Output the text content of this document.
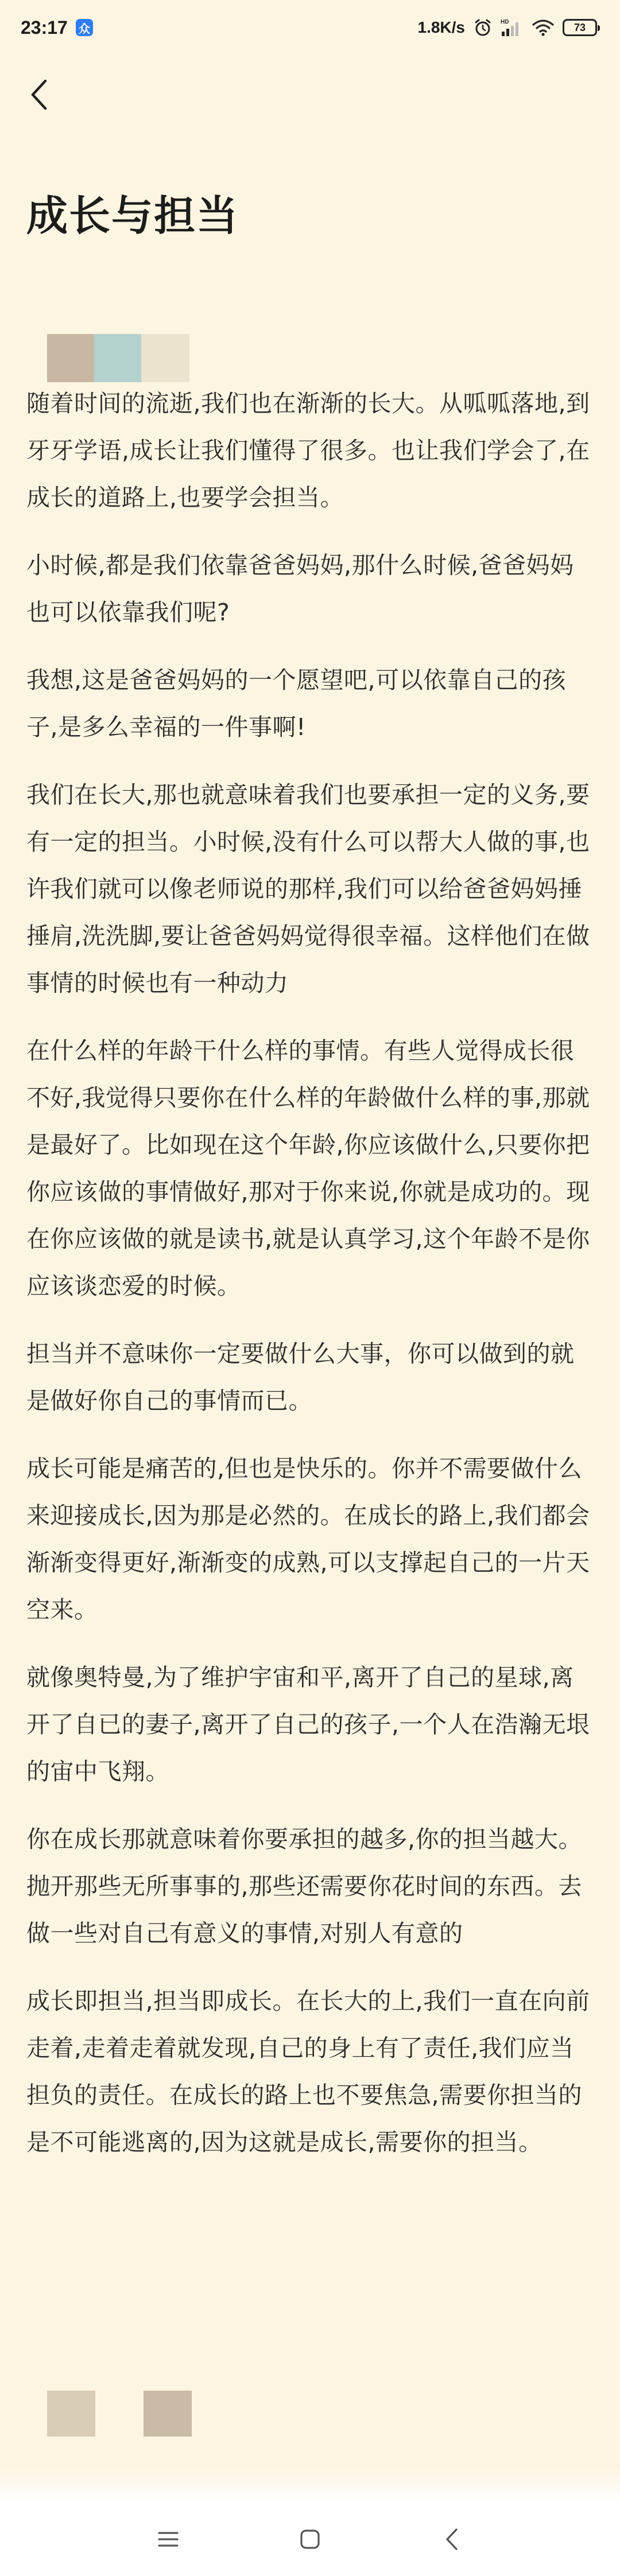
23:17 众	1.8K/s	HD	73
成长与担当

随着时间的流逝,我们也在渐渐的长大。从呱呱落地,到牙牙学语,成长让我们懂得了很多。也让我们学会了,在成长的道路上,也要学会担当。

小时候,都是我们依靠爸爸妈妈,那什么时候,爸爸妈妈也可以依靠我们呢?

我想,这是爸爸妈妈的一个愿望吧,可以依靠自己的孩子,是多么幸福的一件事啊!

我们在长大,那也就意味着我们也要承担一定的义务,要有一定的担当。小时候,没有什么可以帮大人做的事,也许我们就可以像老师说的那样,我们可以给爸爸妈妈捶捶肩,洗洗脚,要让爸爸妈妈觉得很幸福。这样他们在做事情的时候也有一种动力

在什么样的年龄干什么样的事情。有些人觉得成长很不好,我觉得只要你在什么样的年龄做什么样的事,那就是最好了。比如现在这个年龄,你应该做什么,只要你把你应该做的事情做好,那对于你来说,你就是成功的。现在你应该做的就是读书,就是认真学习,这个年龄不是你应该谈恋爱的时候。

担当并不意味你一定要做什么大事，你可以做到的就是做好你自己的事情而已。

成长可能是痛苦的,但也是快乐的。你并不需要做什么来迎接成长,因为那是必然的。在成长的路上,我们都会渐渐变得更好,渐渐变的成熟,可以支撑起自己的一片天空来。

就像奥特曼,为了维护宇宙和平,离开了自己的星球,离开了自已的妻子,离开了自己的孩子,一个人在浩瀚无垠的宙中飞翔。

你在成长那就意味着你要承担的越多,你的担当越大。抛开那些无所事事的,那些还需要你花时间的东西。去做一些对自己有意义的事情,对别人有意的

成长即担当,担当即成长。在长大的上,我们一直在向前走着,走着走着就发现,自己的身上有了责任,我们应当担负的责任。在成长的路上也不要焦急,需要你担当的是不可能逃离的,因为这就是成长,需要你的担当。
